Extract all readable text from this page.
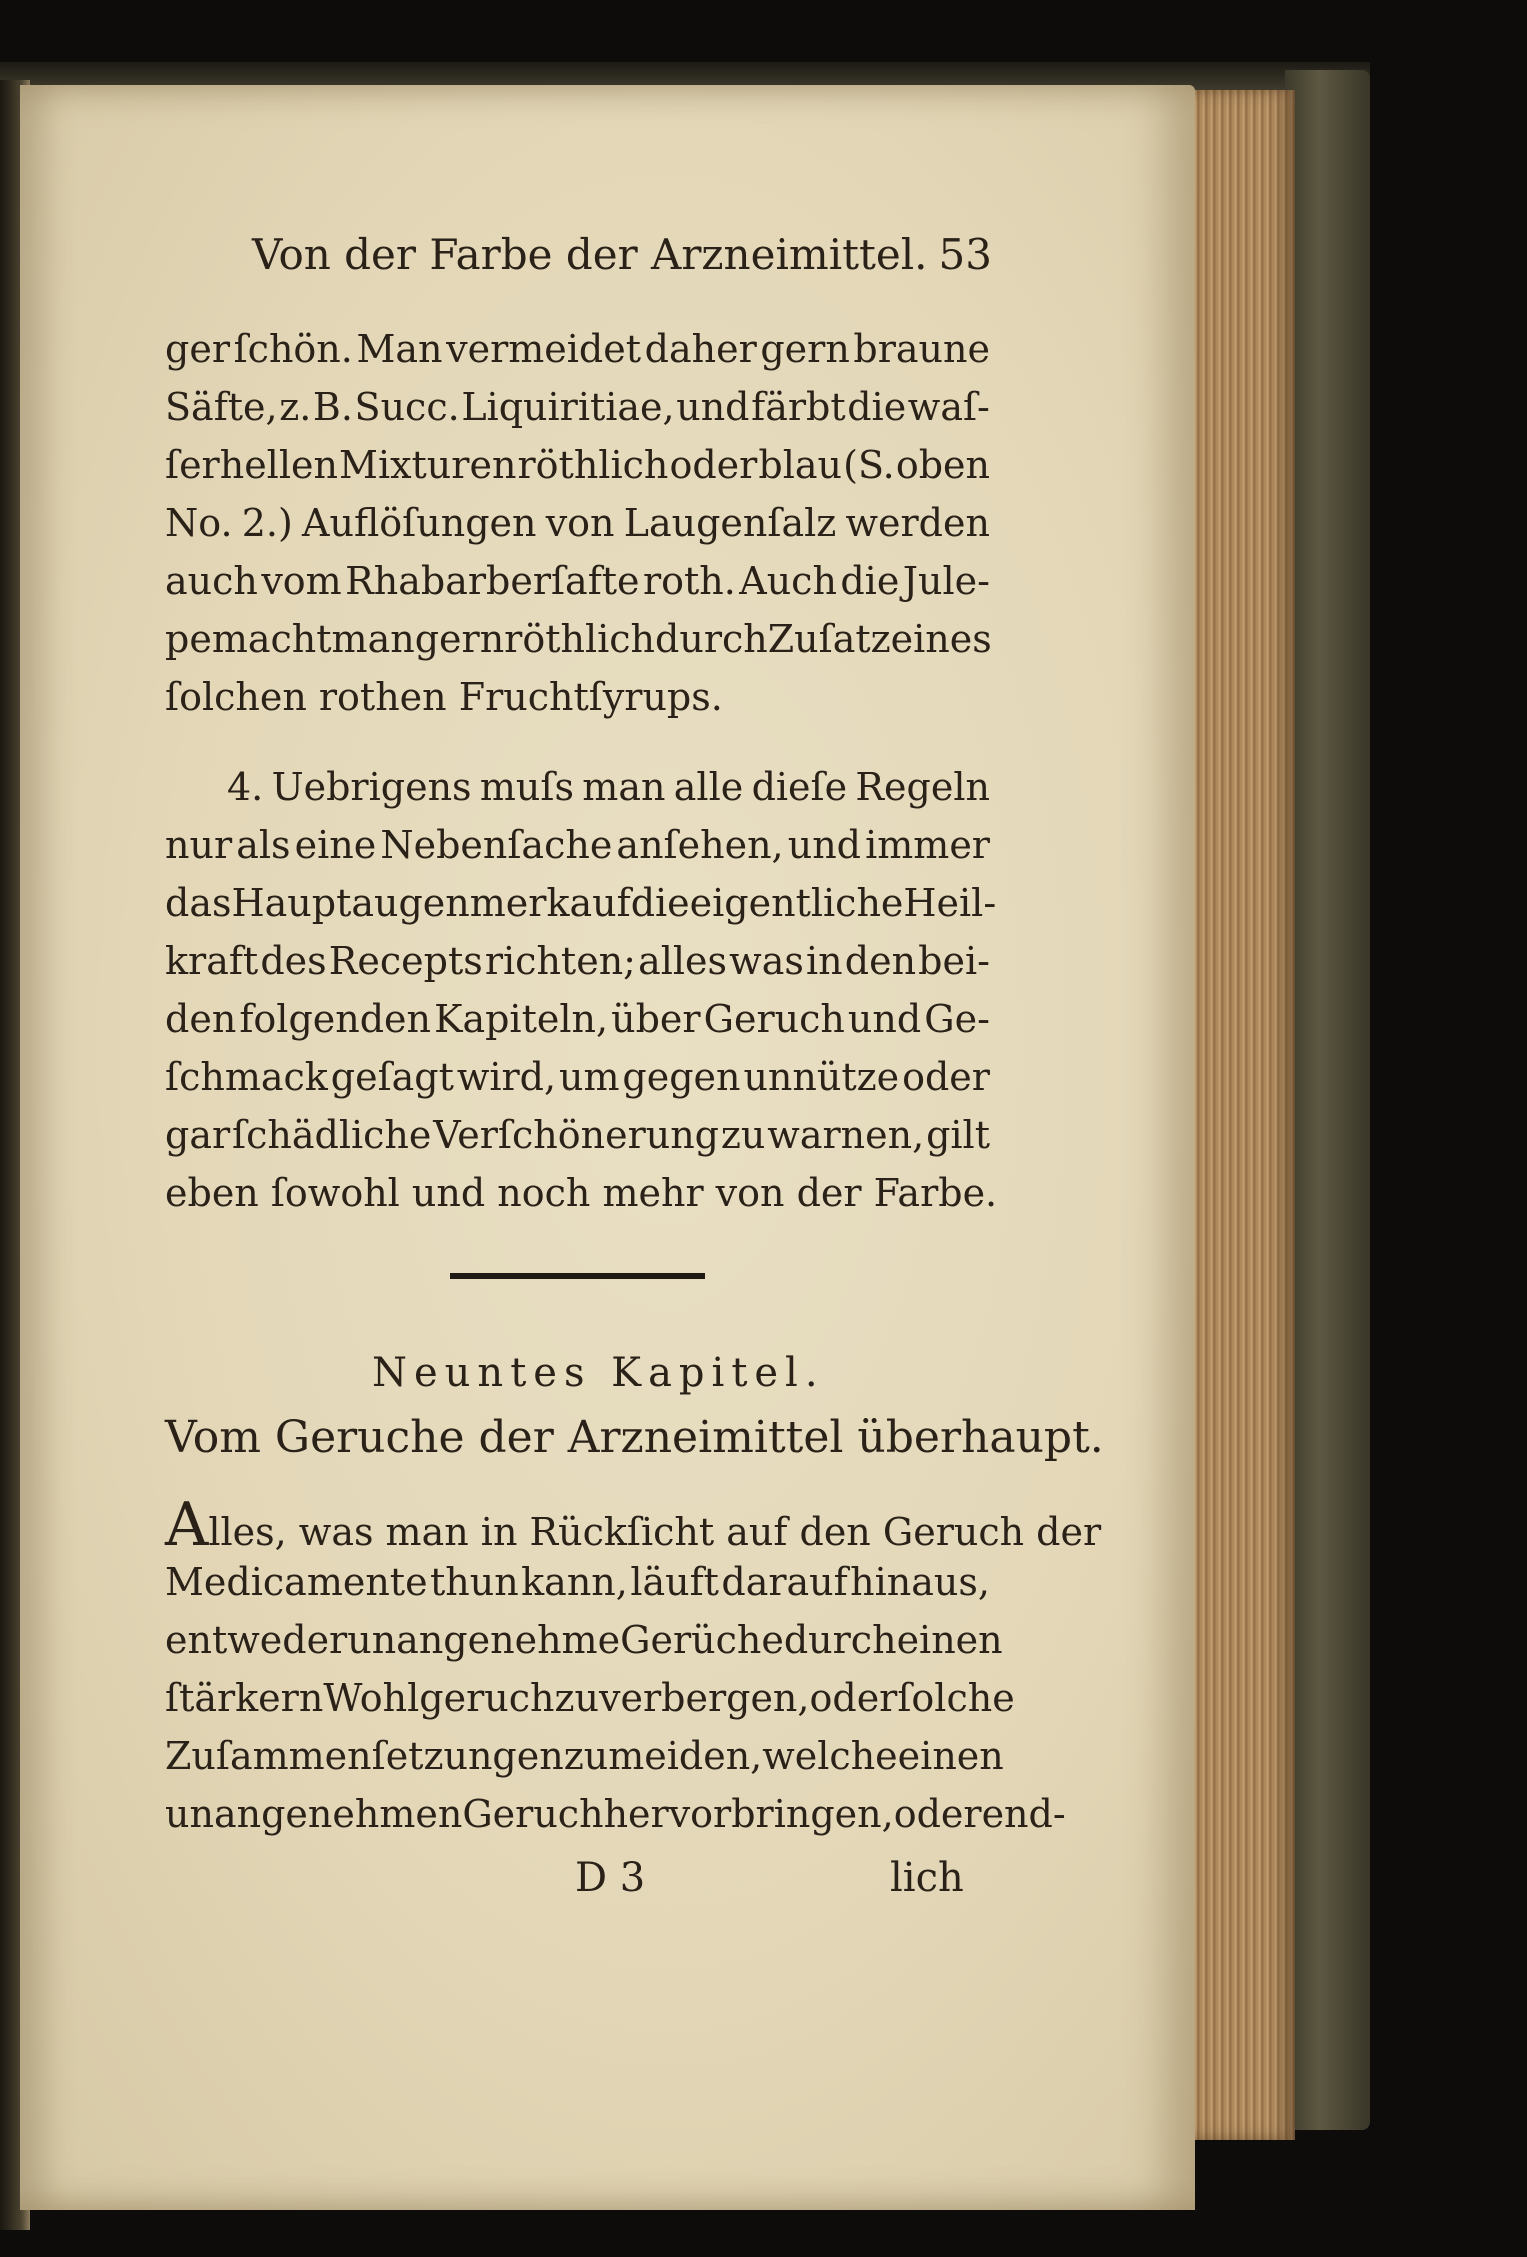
Von der Farbe der Arzneimittel. 53
ger ſchön. Man vermeidet daher gern braune
Säfte, z. B. Succ. Liquiritiae, und färbt die waſ-
ſerhellen Mixturen röthlich oder blau (S. oben
No. 2.) Auflöſungen von Laugenſalz werden
auch vom Rhabarberſafte roth. Auch die Jule-
pe macht man gern röthlich durch Zuſatz eines
ſolchen rothen Fruchtſyrups.
4. Uebrigens muſs man alle dieſe Regeln
nur als eine Nebenſache anſehen, und immer
das Hauptaugenmerk auf die eigentliche Heil-
kraft des Recepts richten; alles was in den bei-
den folgenden Kapiteln, über Geruch und Ge-
ſchmack geſagt wird, um gegen unnütze oder
gar ſchädliche Verſchönerung zu warnen, gilt
eben ſowohl und noch mehr von der Farbe.
Neuntes Kapitel.
Vom Geruche der Arzneimittel überhaupt.
Alles, was man in Rückſicht auf den Geruch der
Medicamente thun kann, läuft darauf hinaus,
entweder unangenehme Gerüche durch einen
ſtärkern Wohlgeruch zu verbergen, oder ſolche
Zuſammenſetzungen zu meiden, welche einen
unangenehmen Geruch hervorbringen, oder end-
D 3	lich
